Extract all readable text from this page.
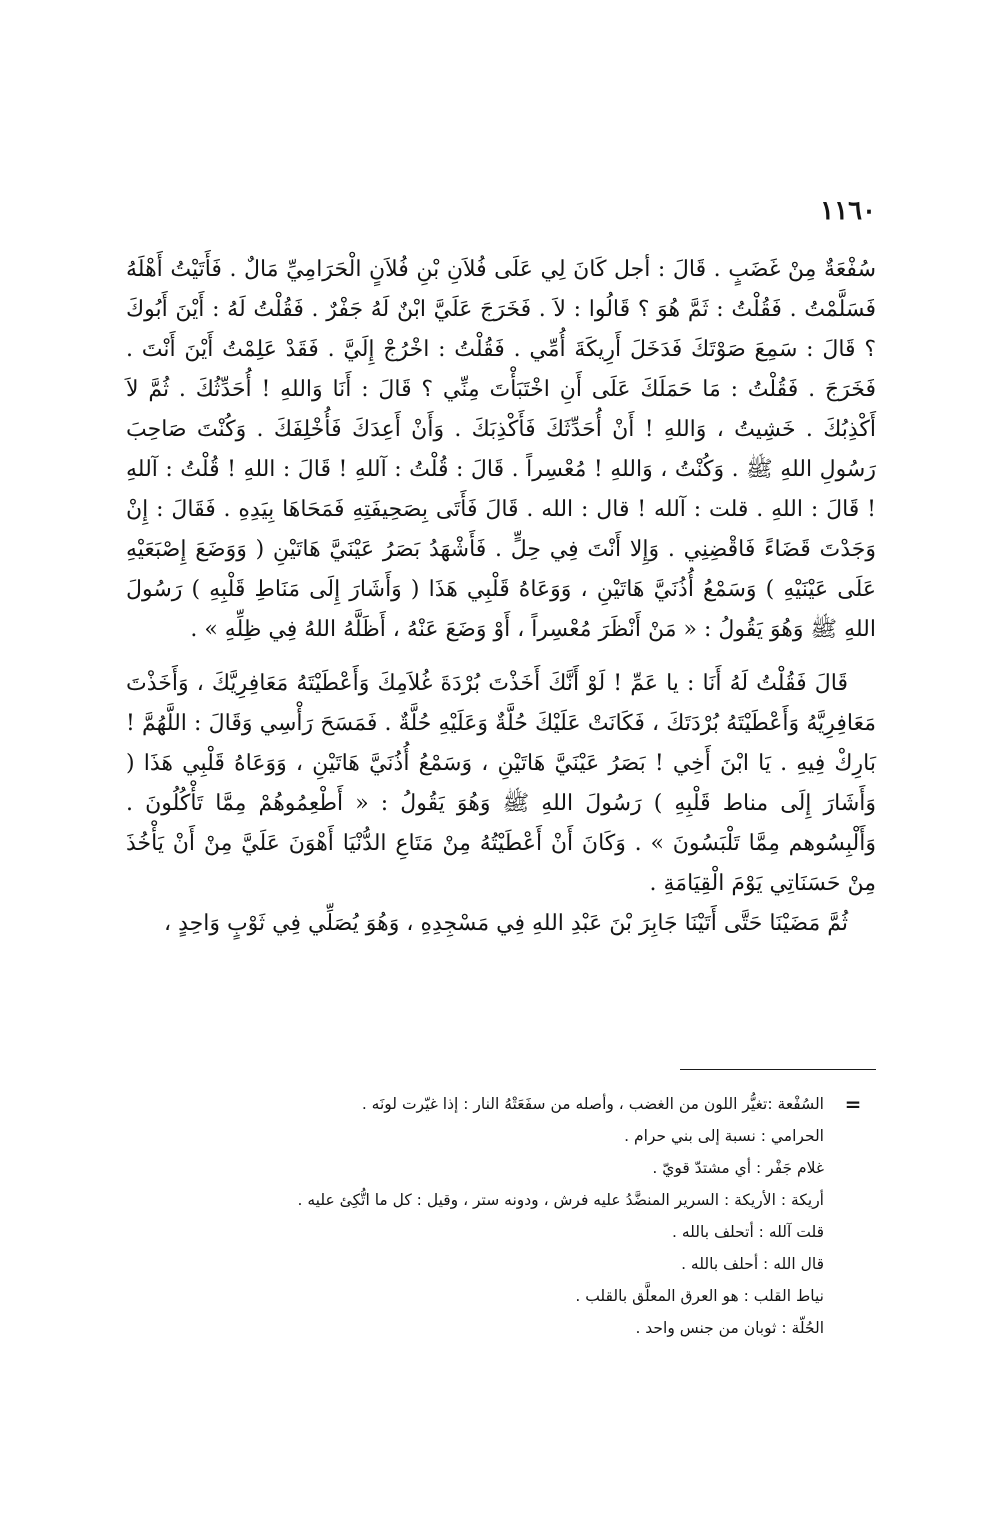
١١٦٠

سُفْعَةٌ مِنْ غَضَبٍ . قَالَ : أجل كَانَ لِي عَلَى فُلاَنِ بْنِ فُلاَنٍ الْحَرَامِيِّ مَالٌ . فَأَتَيْتُ أَهْلَهُ فَسَلَّمْتُ . فَقُلْتُ : ثَمَّ هُوَ ؟ قَالُوا : لاَ . فَخَرَجَ عَلَيَّ ابْنٌ لَهُ جَفْرٌ . فَقُلْتُ لَهُ : أَيْنَ أَبُوكَ ؟ قَالَ : سَمِعَ صَوْتَكَ فَدَخَلَ أَرِيكَةَ أُمِّي . فَقُلْتُ : اخْرُجْ إِلَيَّ . فَقَدْ عَلِمْتُ أَيْنَ أَنْتَ . فَخَرَجَ . فَقُلْتُ : مَا حَمَلَكَ عَلَى أَنِ اخْتَبَأْتَ مِنِّي ؟ قَالَ : أَنَا وَاللهِ ! أُحَدِّثُكَ . ثُمَّ لاَ أَكْذِبُكَ . خَشِيتُ ، وَاللهِ ! أَنْ أُحَدِّثَكَ فَأَكْذِبَكَ . وَأَنْ أَعِدَكَ فَأُخْلِفَكَ . وَكُنْتَ صَاحِبَ رَسُولِ اللهِ ﷺ . وَكُنْتُ ، وَاللهِ ! مُعْسِراً . قَالَ : قُلْتُ : آللهِ ! قَالَ : اللهِ ! قُلْتُ : آللهِ ! قَالَ : اللهِ . قلت : آلله ! قال : الله . قَالَ فَأَتَى بِصَحِيفَتِهِ فَمَحَاهَا بِيَدِهِ . فَقَالَ : إِنْ وَجَدْتَ قَضَاءً فَاقْضِنِي . وَإِلا أَنْتَ فِي حِلٍّ . فَأَشْهَدُ بَصَرُ عَيْنَيَّ هَاتَيْنِ ( وَوَضَعَ إِصْبَعَيْهِ عَلَى عَيْنَيْهِ ) وَسَمْعُ أُذُنَيَّ هَاتَيْنِ ، وَوَعَاهُ قَلْبِي هَذَا ( وَأَشَارَ إِلَى مَنَاطِ قَلْبِهِ ) رَسُولَ اللهِ ﷺ وَهُوَ يَقُولُ : « مَنْ أَنْظَرَ مُعْسِراً ، أَوْ وَضَعَ عَنْهُ ، أَظَلَّهُ اللهُ فِي ظِلِّهِ » .

قَالَ فَقُلْتُ لَهُ أَنَا : يا عَمِّ ! لَوْ أَنَّكَ أَخَذْتَ بُرْدَةَ غُلاَمِكَ وَأَعْطَيْتَهُ مَعَافِرِيَّكَ ، وَأَخَذْتَ مَعَافِرِيَّهُ وَأَعْطَيْتَهُ بُرْدَتَكَ ، فَكَانَتْ عَلَيْكَ حُلَّةٌ وَعَلَيْهِ حُلَّةٌ . فَمَسَحَ رَأْسِي وَقَالَ : اللَّهُمَّ ! بَارِكْ فِيهِ . يَا ابْنَ أَخِي ! بَصَرُ عَيْنَيَّ هَاتَيْنِ ، وَسَمْعُ أُذُنَيَّ هَاتَيْنِ ، وَوَعَاهُ قَلْبِي هَذَا ( وَأَشَارَ إِلَى مناط قَلْبِهِ ) رَسُولَ اللهِ ﷺ وَهُوَ يَقُولُ : « أَطْعِمُوهُمْ مِمَّا تَأْكُلُونَ . وَأَلْبِسُوهم مِمَّا تَلْبَسُونَ » . وَكَانَ أَنْ أَعْطَيْتُهُ مِنْ مَتَاعِ الدُّنْيَا أَهْوَنَ عَلَيَّ مِنْ أَنْ يَأْخُذَ مِنْ حَسَنَاتِي يَوْمَ الْقِيَامَةِ .

ثُمَّ مَضَيْنَا حَتَّى أَتَيْنَا جَابِرَ بْنَ عَبْدِ اللهِ فِي مَسْجِدِهِ ، وَهُوَ يُصَلِّي فِي ثَوْبٍ وَاحِدٍ ،

=

السُفْعة :تغيُّر اللون من الغضب ، وأصله من سفَعَتْهُ النار : إذا غيّرت لونَه .

الحرامي : نسبة إلى بني حرام .

غلام جَفْر : أي مشتدّ قويّ .

أريكة : الأريكة : السرير المنضَّدُ عليه فرش ، ودونه ستر ، وقيل : كل ما اتُّكِئ عليه .

قلت آلله : أتحلف بالله .

قال الله : أحلف بالله .

نياط القلب : هو العرق المعلَّق بالقلب .

الحُلّة : ثوبان من جنس واحد .
